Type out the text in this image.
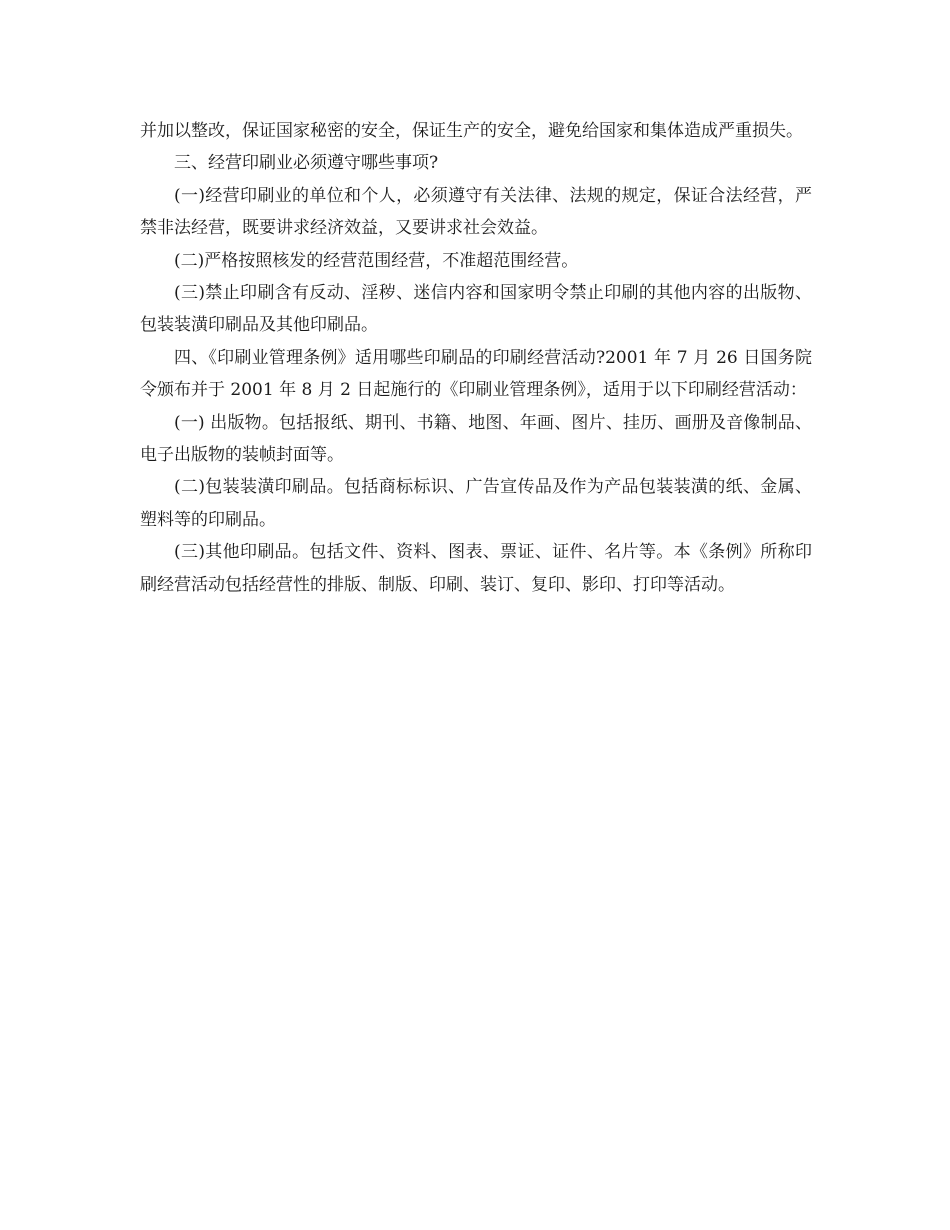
并加以整改，保证国家秘密的安全，保证生产的安全，避免给国家和集体造成严重损失。

三、经营印刷业必须遵守哪些事项?

(一)经营印刷业的单位和个人，必须遵守有关法律、法规的规定，保证合法经营，严禁非法经营，既要讲求经济效益，又要讲求社会效益。

(二)严格按照核发的经营范围经营，不准超范围经营。

(三)禁止印刷含有反动、淫秽、迷信内容和国家明令禁止印刷的其他内容的出版物、包装装潢印刷品及其他印刷品。

四、《印刷业管理条例》适用哪些印刷品的印刷经营活动?2001 年 7 月 26 日国务院令颁布并于 2001 年 8 月 2 日起施行的《印刷业管理条例》，适用于以下印刷经营活动：

(一) 出版物。包括报纸、期刊、书籍、地图、年画、图片、挂历、画册及音像制品、电子出版物的装帧封面等。

(二)包装装潢印刷品。包括商标标识、广告宣传品及作为产品包装装潢的纸、金属、塑料等的印刷品。

(三)其他印刷品。包括文件、资料、图表、票证、证件、名片等。本《条例》所称印刷经营活动包括经营性的排版、制版、印刷、装订、复印、影印、打印等活动。
